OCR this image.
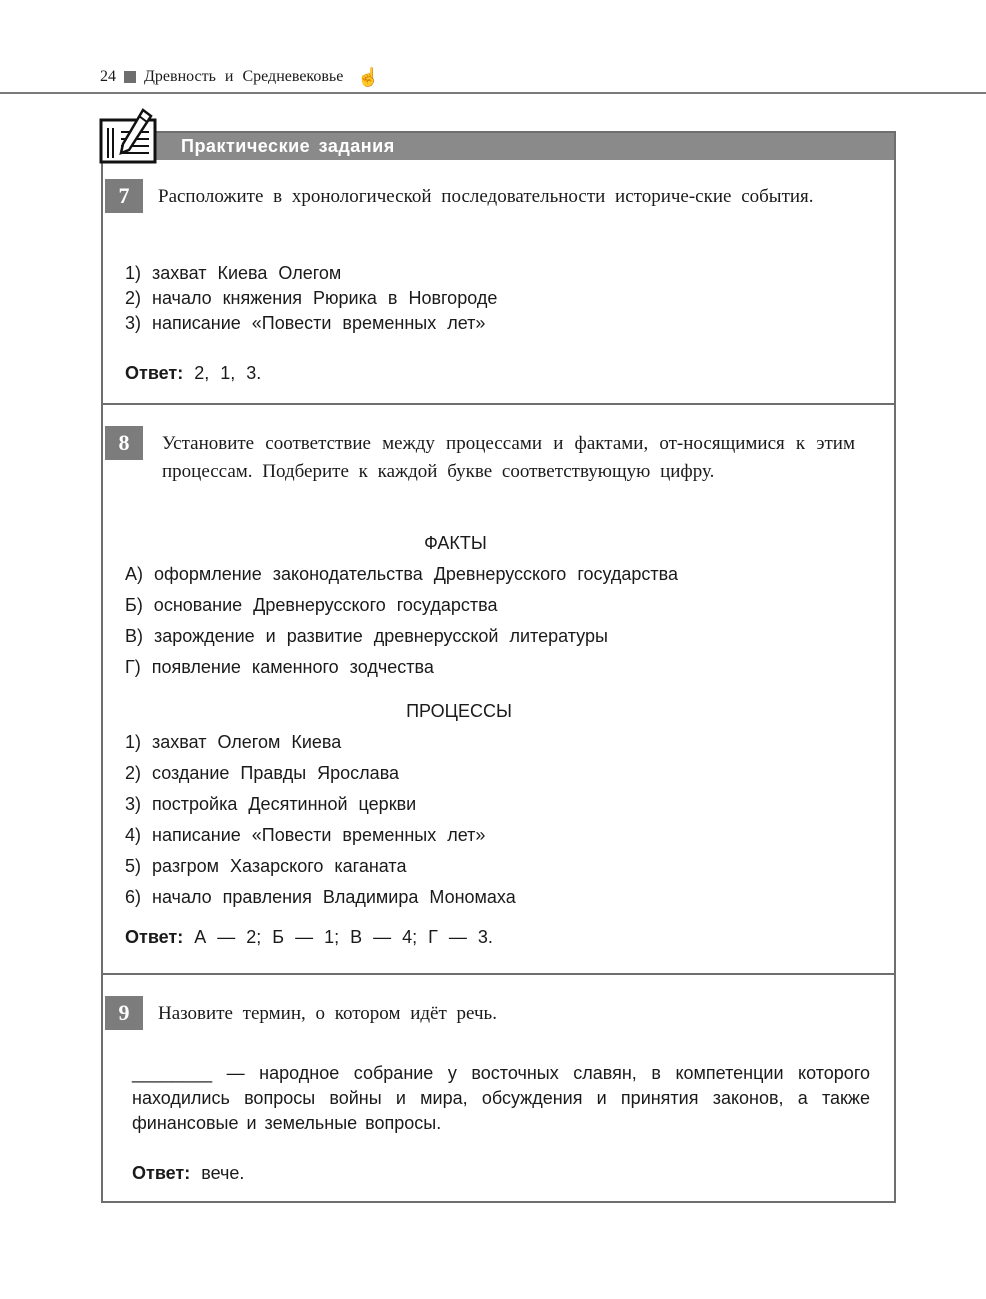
24 Древность и Средневековье ☝
Практические задания
7	Расположите в хронологической последовательности историче-ские события.
1) захват Киева Олегом
2) начало княжения Рюрика в Новгороде
3) написание «Повести временных лет»
Ответ: 2, 1, 3.
8	Установите соответствие между процессами и фактами, от-носящимися к этим процессам. Подберите к каждой букве соответствующую цифру.
ФАКТЫ
А) оформление законодательства Древнерусского государства
Б) основание Древнерусского государства
В) зарождение и развитие древнерусской литературы
Г) появление каменного зодчества
ПРОЦЕССЫ
1) захват Олегом Киева
2) создание Правды Ярослава
3) постройка Десятинной церкви
4) написание «Повести временных лет»
5) разгром Хазарского каганата
6) начало правления Владимира Мономаха
Ответ: А — 2; Б — 1; В — 4; Г — 3.
9	Назовите термин, о котором идёт речь.
________ — народное собрание у восточных славян, в компетенции которого находились вопросы войны и мира, обсуждения и принятия законов, а также финансовые и земельные вопросы.
Ответ: вече.
